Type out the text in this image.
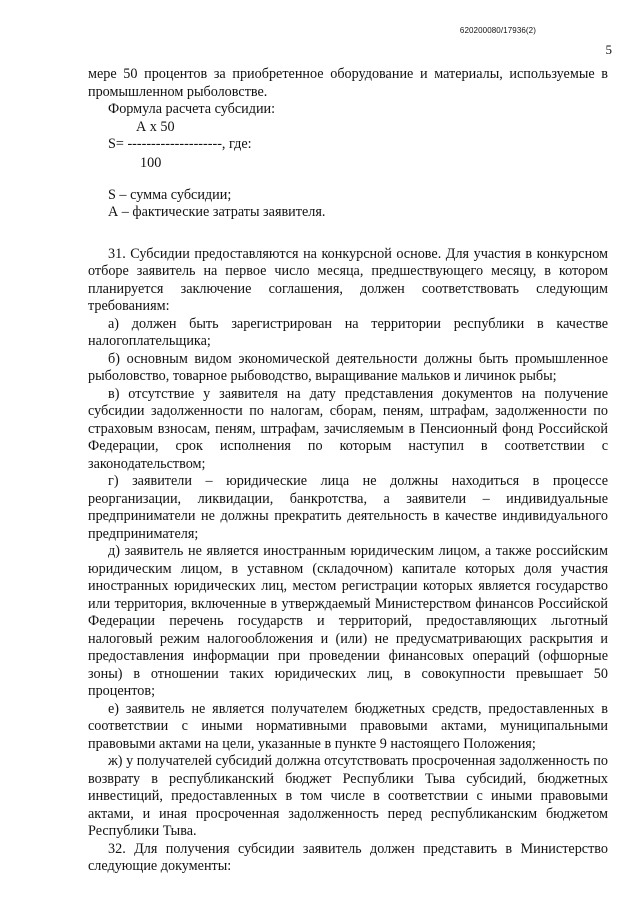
620200080/17936(2)
5

мере 50 процентов за приобретенное оборудование и материалы, используемые в промышленном рыболовстве.

Формула расчета субсидии:

А х 50
S= --------------------, где:
100

S – сумма субсидии;

А – фактические затраты заявителя.

31. Субсидии предоставляются на конкурсной основе. Для участия в конкурсном отборе заявитель на первое число месяца, предшествующего месяцу, в котором планируется заключение соглашения, должен соответствовать следующим требованиям:

а) должен быть зарегистрирован на территории республики в качестве налогоплательщика;

б) основным видом экономической деятельности должны быть промышленное рыболовство, товарное рыбоводство, выращивание мальков и личинок рыбы;

в) отсутствие у заявителя на дату представления документов на получение субсидии задолженности по налогам, сборам, пеням, штрафам, задолженности по страховым взносам, пеням, штрафам, зачисляемым в Пенсионный фонд Российской Федерации, срок исполнения по которым наступил в соответствии с законодательством;

г) заявители – юридические лица не должны находиться в процессе реорганизации, ликвидации, банкротства, а заявители – индивидуальные предприниматели не должны прекратить деятельность в качестве индивидуального предпринимателя;

д) заявитель не является иностранным юридическим лицом, а также российским юридическим лицом, в уставном (складочном) капитале которых доля участия иностранных юридических лиц, местом регистрации которых является государство или территория, включенные в утверждаемый Министерством финансов Российской Федерации перечень государств и территорий, предоставляющих льготный налоговый режим налогообложения и (или) не предусматривающих раскрытия и предоставления информации при проведении финансовых операций (офшорные зоны) в отношении таких юридических лиц, в совокупности превышает 50 процентов;

е) заявитель не является получателем бюджетных средств, предоставленных в соответствии с иными нормативными правовыми актами, муниципальными правовыми актами на цели, указанные в пункте 9 настоящего Положения;

ж) у получателей субсидий должна отсутствовать просроченная задолженность по возврату в республиканский бюджет Республики Тыва субсидий, бюджетных инвестиций, предоставленных в том числе в соответствии с иными правовыми актами, и иная просроченная задолженность перед республиканским бюджетом Республики Тыва.

32. Для получения субсидии заявитель должен представить в Министерство следующие документы:
